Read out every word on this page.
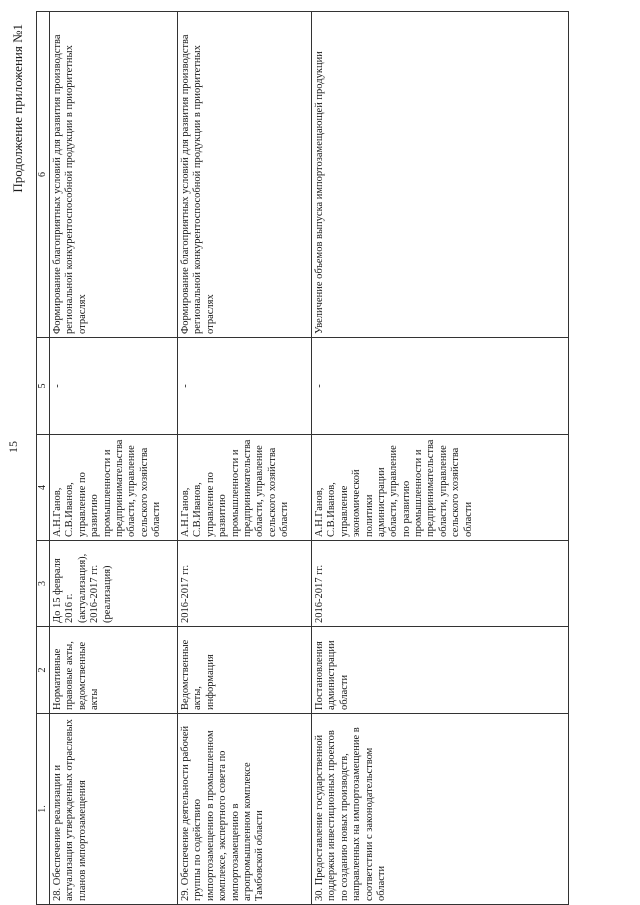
15
Продолжение приложения №1
1.	2	3	4	5	6
28. Обеспечение реализации и актуализация утвержденных отраслевых планов импортозамещения	Нормативные правовые акты, ведомственные акты	До 15 февраля 2016 г. (актуализация), 2016-2017 гг. (реализация)	А.Н.Ганов, С.В.Иванов, управление по развитию промышленности и предпринимательства области, управление сельского хозяйства области	-	Формирование благоприятных условий для развития производства региональной конкурентоспособной продукции в приоритетных отраслях
29. Обеспечение деятельности рабочей группы по содействию импортозамещению в промышленном комплексе, экспертного совета по импортозамещению в агропромышленном комплексе Тамбовской области	Ведомственные акты, информация	2016-2017 гг.	А.Н.Ганов, С.В.Иванов, управление по развитию промышленности и предпринимательства области, управление сельского хозяйства области	-	Формирование благоприятных условий для развития производства региональной конкурентоспособной продукции в приоритетных отраслях
30. Предоставление государственной поддержки инвестиционных проектов по созданию новых производств, направленных на импортозамещение в соответствии с законодательством области	Постановления администрации области	2016-2017 гг.	А.Н.Ганов, С.В.Иванов, управление экономической политики администрации области, управление по развитию промышленности и предпринимательства области, управление сельского хозяйства области	-	Увеличение объемов выпуска импортозамещающей продукции
